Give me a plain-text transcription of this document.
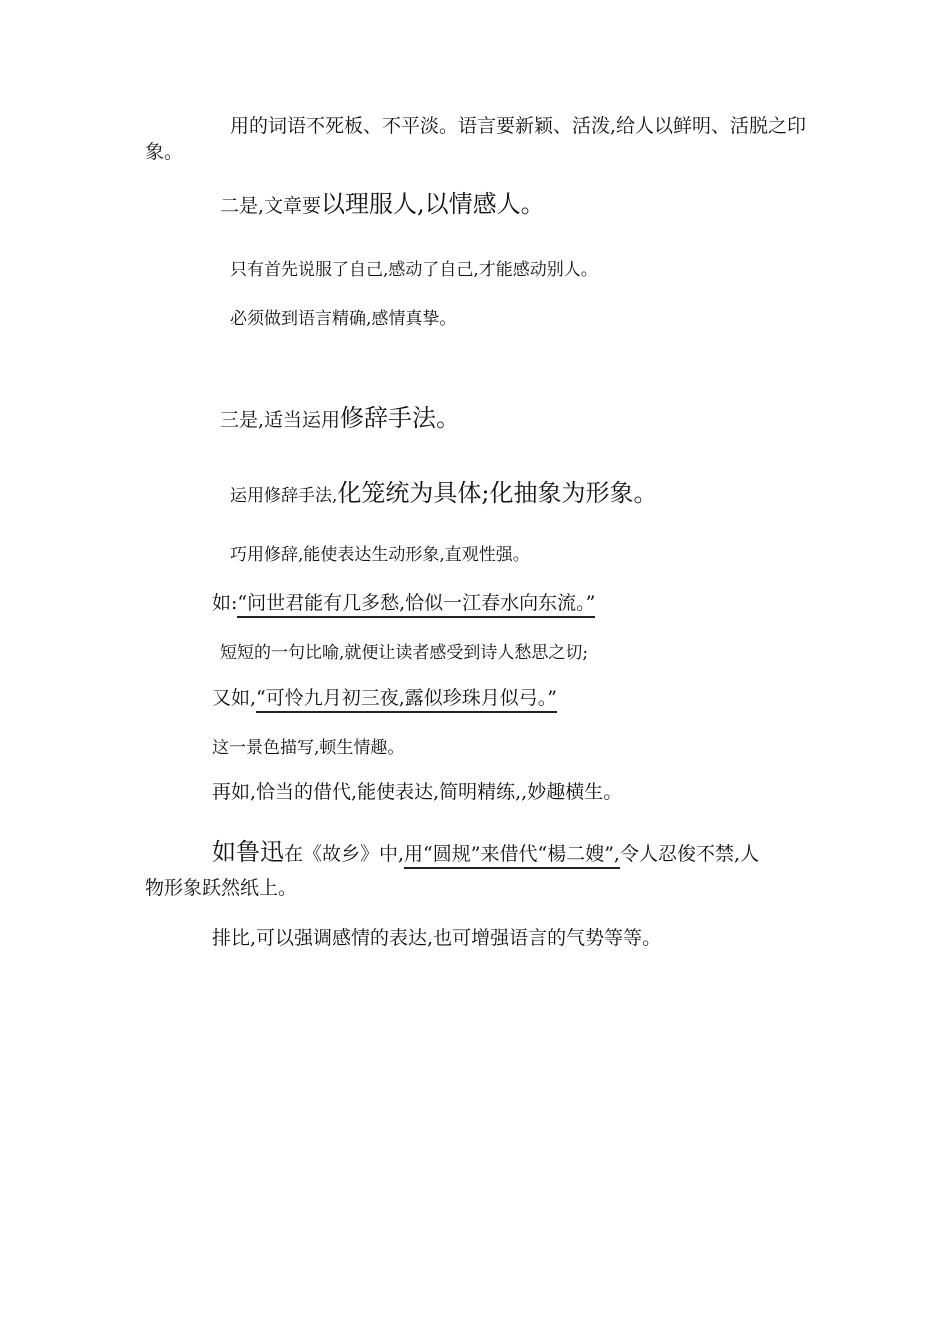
用的词语不死板、不平淡。语言要新颖、活泼,给人以鲜明、活脱之印
象。
二是,文章要以理服人,以情感人。
只有首先说服了自己,感动了自己,才能感动别人。
必须做到语言精确,感情真挚。
三是,适当运用修辞手法。
运用修辞手法,化笼统为具体;化抽象为形象。
巧用修辞,能使表达生动形象,直观性强。
如:“问世君能有几多愁,恰似一江春水向东流。”
短短的一句比喻,就便让读者感受到诗人愁思之切;
又如,“可怜九月初三夜,露似珍珠月似弓。”
这一景色描写,顿生情趣。
再如,恰当的借代,能使表达,简明精练,,妙趣横生。
如鲁迅在《故乡》中,用“圆规”来借代“楊二嫂”,令人忍俊不禁,人
物形象跃然纸上。
排比,可以强调感情的表达,也可增强语言的气势等等。
